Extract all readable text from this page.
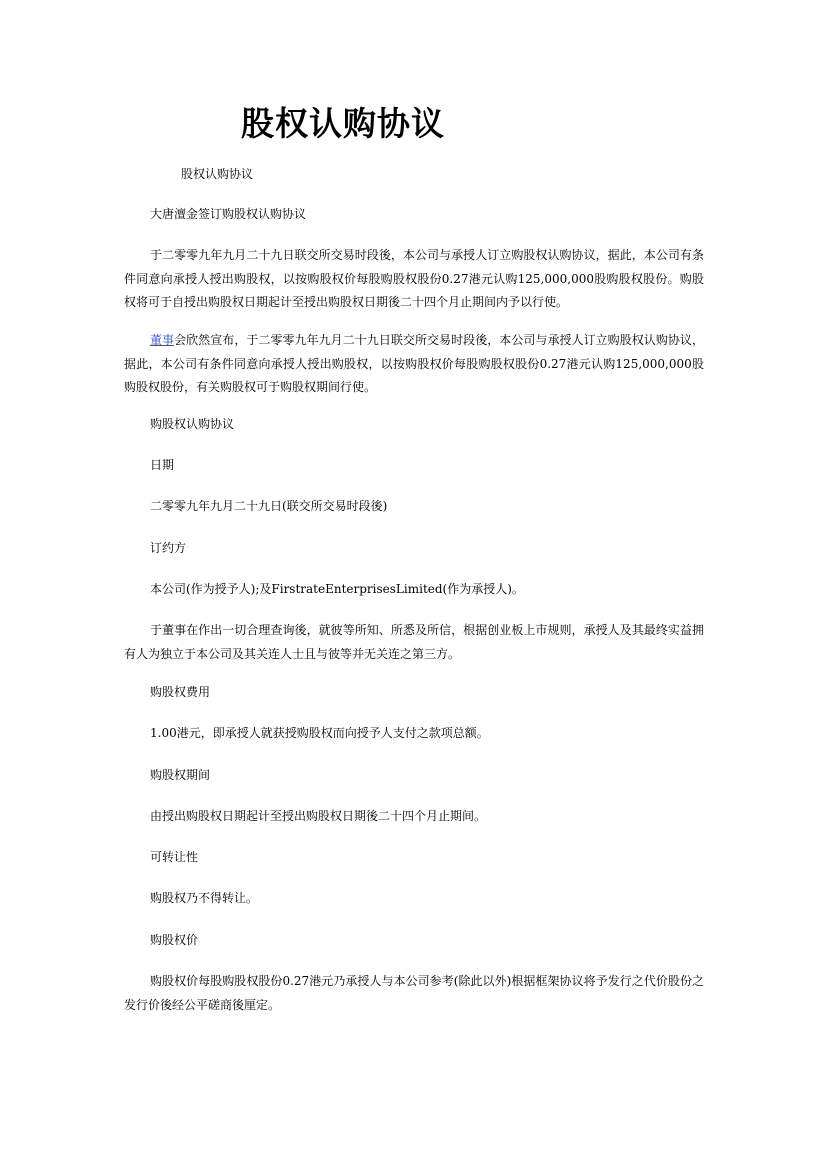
股权认购协议
股权认购协议
大唐澶金签订购股权认购协议
于二零零九年九月二十九日联交所交易时段後，本公司与承授人订立购股权认购协议，据此，本公司有条件同意向承授人授出购股权，以按购股权价每股购股权股份0.27港元认购125,000,000股购股权股份。购股权将可于自授出购股权日期起计至授出购股权日期後二十四个月止期间内予以行使。
董事会欣然宣布，于二零零九年九月二十九日联交所交易时段後，本公司与承授人订立购股权认购协议，据此，本公司有条件同意向承授人授出购股权，以按购股权价每股购股权股份0.27港元认购125,000,000股购股权股份，有关购股权可于购股权期间行使。
购股权认购协议
日期
二零零九年九月二十九日(联交所交易时段後)
订约方
本公司(作为授予人);及FirstrateEnterprisesLimited(作为承授人)。
于董事在作出一切合理查询後，就彼等所知、所悉及所信，根据创业板上市规则，承授人及其最终实益拥有人为独立于本公司及其关连人士且与彼等并无关连之第三方。
购股权费用
1.00港元，即承授人就获授购股权而向授予人支付之款项总额。
购股权期间
由授出购股权日期起计至授出购股权日期後二十四个月止期间。
可转让性
购股权乃不得转让。
购股权价
购股权价每股购股权股份0.27港元乃承授人与本公司参考(除此以外)根据框架协议将予发行之代价股份之发行价後经公平磋商後厘定。
